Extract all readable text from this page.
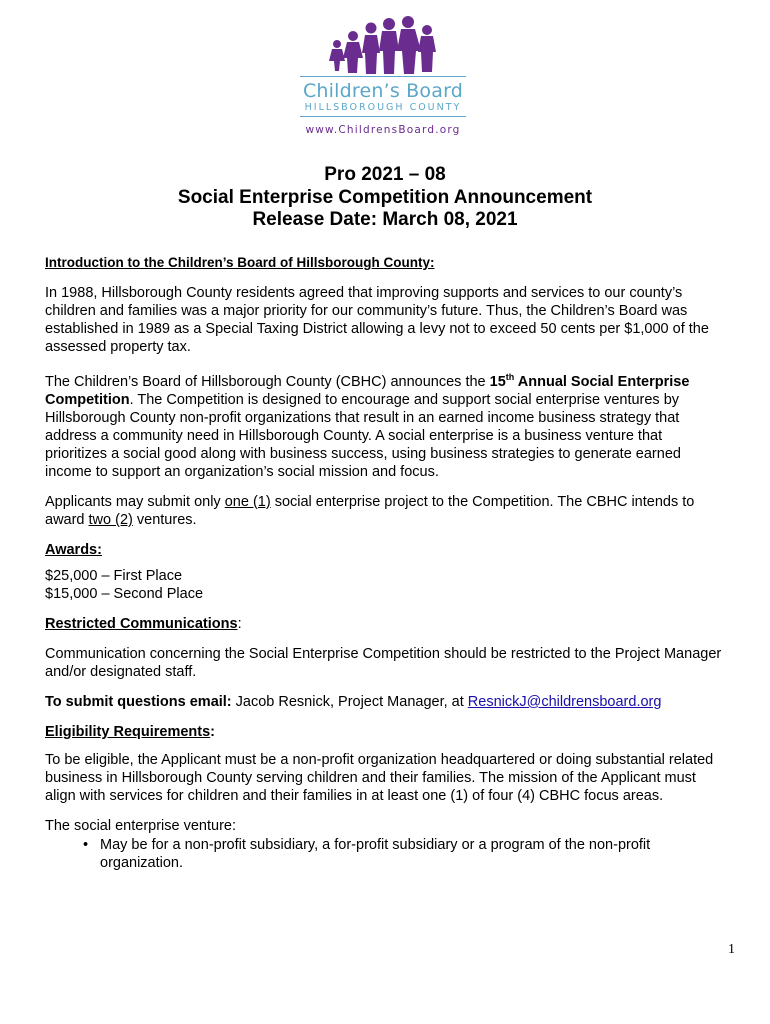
Children’s Board
HILLSBOROUGH COUNTY
www.ChildrensBoard.org
Pro 2021 – 08
Social Enterprise Competition Announcement
Release Date: March 08, 2021

Introduction to the Children’s Board of Hillsborough County:

In 1988, Hillsborough County residents agreed that improving supports and services to our county’s children and families was a major priority for our community’s future. Thus, the Children’s Board was established in 1989 as a Special Taxing District allowing a levy not to exceed 50 cents per $1,000 of the assessed property tax.

The Children’s Board of Hillsborough County (CBHC) announces the 15th Annual Social Enterprise Competition. The Competition is designed to encourage and support social enterprise ventures by Hillsborough County non-profit organizations that result in an earned income business strategy that address a community need in Hillsborough County. A social enterprise is a business venture that prioritizes a social good along with business success, using business strategies to generate earned income to support an organization’s social mission and focus.

Applicants may submit only one (1) social enterprise project to the Competition. The CBHC intends to award two (2) ventures.

Awards:

$25,000 – First Place

$15,000 – Second Place

Restricted Communications:

Communication concerning the Social Enterprise Competition should be restricted to the Project Manager and/or designated staff.

To submit questions email: Jacob Resnick, Project Manager, at ResnickJ@childrensboard.org

Eligibility Requirements:

To be eligible, the Applicant must be a non-profit organization headquartered or doing substantial related business in Hillsborough County serving children and their families. The mission of the Applicant must align with services for children and their families in at least one (1) of four (4) CBHC focus areas.

The social enterprise venture:

• May be for a non-profit subsidiary, a for-profit subsidiary or a program of the non-profit organization.
1
